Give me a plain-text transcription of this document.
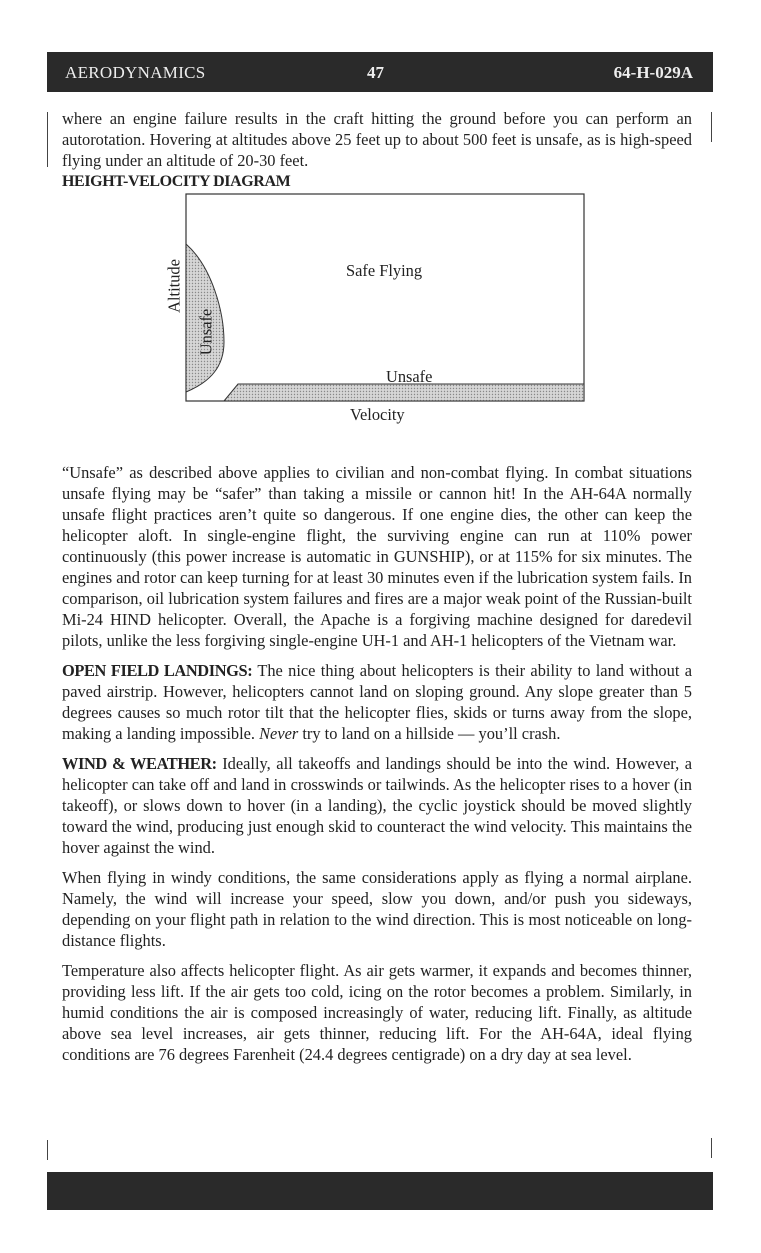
AERODYNAMICS	47	64-H-029A

where an engine failure results in the craft hitting the ground before you can perform an autorotation. Hovering at altitudes above 25 feet up to about 500 feet is unsafe, as is high-speed flying under an altitude of 20-30 feet.

HEIGHT-VELOCITY DIAGRAM

Safe Flying
Unsafe
Unsafe
Altitude
Velocity

“Unsafe” as described above applies to civilian and non-combat flying. In combat situations unsafe flying may be “safer” than taking a missile or cannon hit! In the AH-64A normally unsafe flight practices aren’t quite so dangerous. If one engine dies, the other can keep the helicopter aloft. In single-engine flight, the surviving engine can run at 110% power continuously (this power increase is automatic in GUNSHIP), or at 115% for six minutes. The engines and rotor can keep turning for at least 30 minutes even if the lubrication system fails. In comparison, oil lubrication system failures and fires are a major weak point of the Russian-built Mi-24 HIND helicopter. Overall, the Apache is a forgiving machine designed for daredevil pilots, unlike the less forgiving single-engine UH-1 and AH-1 helicopters of the Vietnam war.

OPEN FIELD LANDINGS: The nice thing about helicopters is their ability to land without a paved airstrip. However, helicopters cannot land on sloping ground. Any slope greater than 5 degrees causes so much rotor tilt that the helicopter flies, skids or turns away from the slope, making a landing impossible. Never try to land on a hillside — you’ll crash.

WIND & WEATHER: Ideally, all takeoffs and landings should be into the wind. However, a helicopter can take off and land in crosswinds or tailwinds. As the helicopter rises to a hover (in takeoff), or slows down to hover (in a landing), the cyclic joystick should be moved slightly toward the wind, producing just enough skid to counteract the wind velocity. This maintains the hover against the wind.

When flying in windy conditions, the same considerations apply as flying a normal airplane. Namely, the wind will increase your speed, slow you down, and/or push you sideways, depending on your flight path in relation to the wind direction. This is most noticeable on long-distance flights.

Temperature also affects helicopter flight. As air gets warmer, it expands and becomes thinner, providing less lift. If the air gets too cold, icing on the rotor becomes a problem. Similarly, in humid conditions the air is composed increasingly of water, reducing lift. Finally, as altitude above sea level increases, air gets thinner, reducing lift. For the AH-64A, ideal flying conditions are 76 degrees Farenheit (24.4 degrees centigrade) on a dry day at sea level.
